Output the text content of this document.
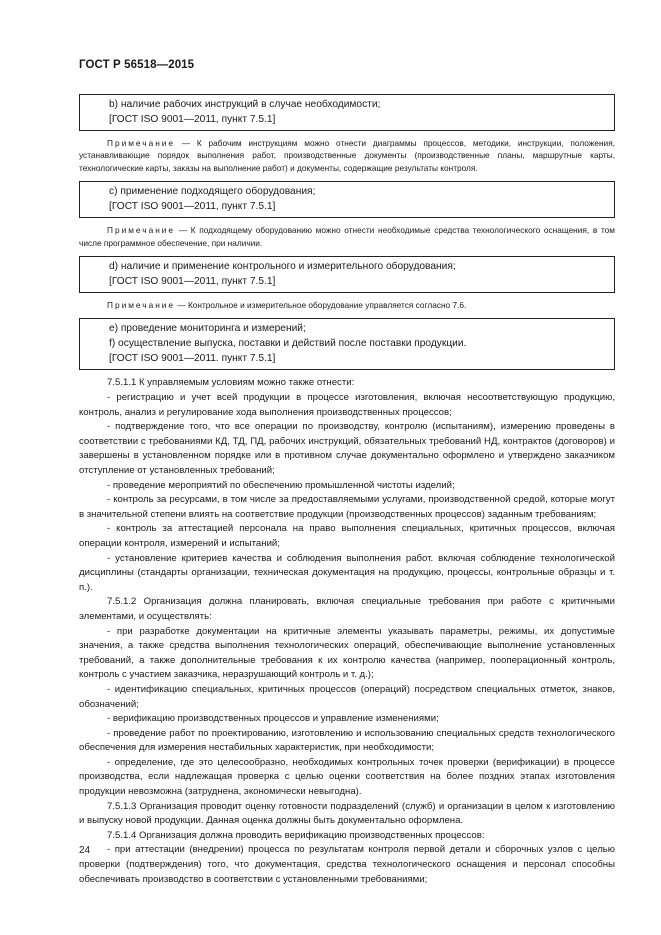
ГОСТ Р 56518—2015

b) наличие рабочих инструкций в случае необходимости;

[ГОСТ ISO 9001—2011, пункт 7.5.1]

Примечание — К рабочим инструкциям можно отнести диаграммы процессов, методики, инструкции, положения, устанавливающие порядок выполнения работ, производственные документы (производственные планы, маршрутные карты, технологические карты, заказы на выполнение работ) и документы, содержащие результаты контроля.

c) применение подходящего оборудования;

[ГОСТ ISO 9001—2011, пункт 7.5.1]

Примечание — К подходящему оборудованию можно отнести необходимые средства технологического оснащения, в том числе программное обеспечение, при наличии.

d) наличие и применение контрольного и измерительного оборудования;

[ГОСТ ISO 9001—2011, пункт 7.5.1]

Примечание — Контрольное и измерительное оборудование управляется согласно 7.6.

e) проведение мониторинга и измерений;

f) осуществление выпуска, поставки и действий после поставки продукции.

[ГОСТ ISO 9001—2011. пункт 7.5.1]

7.5.1.1 К управляемым условиям можно также отнести:

- регистрацию и учет всей продукции в процессе изготовления, включая несоответствующую продукцию, контроль, анализ и регулирование хода выполнения производственных процессов;

- подтверждение того, что все операции по производству, контролю (испытаниям), измерению проведены в соответствии с требованиями КД, ТД, ПД, рабочих инструкций, обязательных требований НД, контрактов (договоров) и завершены в установленном порядке или в противном случае документально оформлено и утверждено заказчиком отступление от установленных требований;

- проведение мероприятий по обеспечению промышленной чистоты изделий;

- контроль за ресурсами, в том числе за предоставляемыми услугами, производственной средой, которые могут в значительной степени влиять на соответствие продукции (производственных процессов) заданным требованиям;

- контроль за аттестацией персонала на право выполнения специальных, критичных процессов, включая операции контроля, измерений и испытаний;

- установление критериев качества и соблюдения выполнения работ. включая соблюдение технологической дисциплины (стандарты организации, техническая документация на продукцию, процессы, контрольные образцы и т. п.).

7.5.1.2 Организация должна планировать, включая специальные требования при работе с критичными элементами, и осуществлять:

- при разработке документации на критичные элементы указывать параметры, режимы, их допустимые значения, а также средства выполнения технологических операций, обеспечивающие выполнение установленных требований, а также дополнительные требования к их контролю качества (например, пооперационный контроль, контроль с участием заказчика, неразрушающий контроль и т. д.);

- идентификацию специальных, критичных процессов (операций) посредством специальных отметок, знаков, обозначений;

- верификацию производственных процессов и управление изменениями;

- проведение работ по проектированию, изготовлению и использованию специальных средств технологического обеспечения для измерения нестабильных характеристик, при необходимости;

- определение, где это целесообразно, необходимых контрольных точек проверки (верификации) в процессе производства, если надлежащая проверка с целью оценки соответствия на более поздних этапах изготовления продукции невозможна (затруднена, экономически невыгодна).

7.5.1.3 Организация проводит оценку готовности подразделений (служб) и организации в целом к изготовлению и выпуску новой продукции. Данная оценка должны быть документально оформлена.

7.5.1.4 Организация должна проводить верификацию производственных процессов:

- при аттестации (внедрении) процесса по результатам контроля первой детали и сборочных узлов с целью проверки (подтверждения) того, что документация, средства технологического оснащения и персонал способны обеспечивать производство в соответствии с установленными требованиями;

24
